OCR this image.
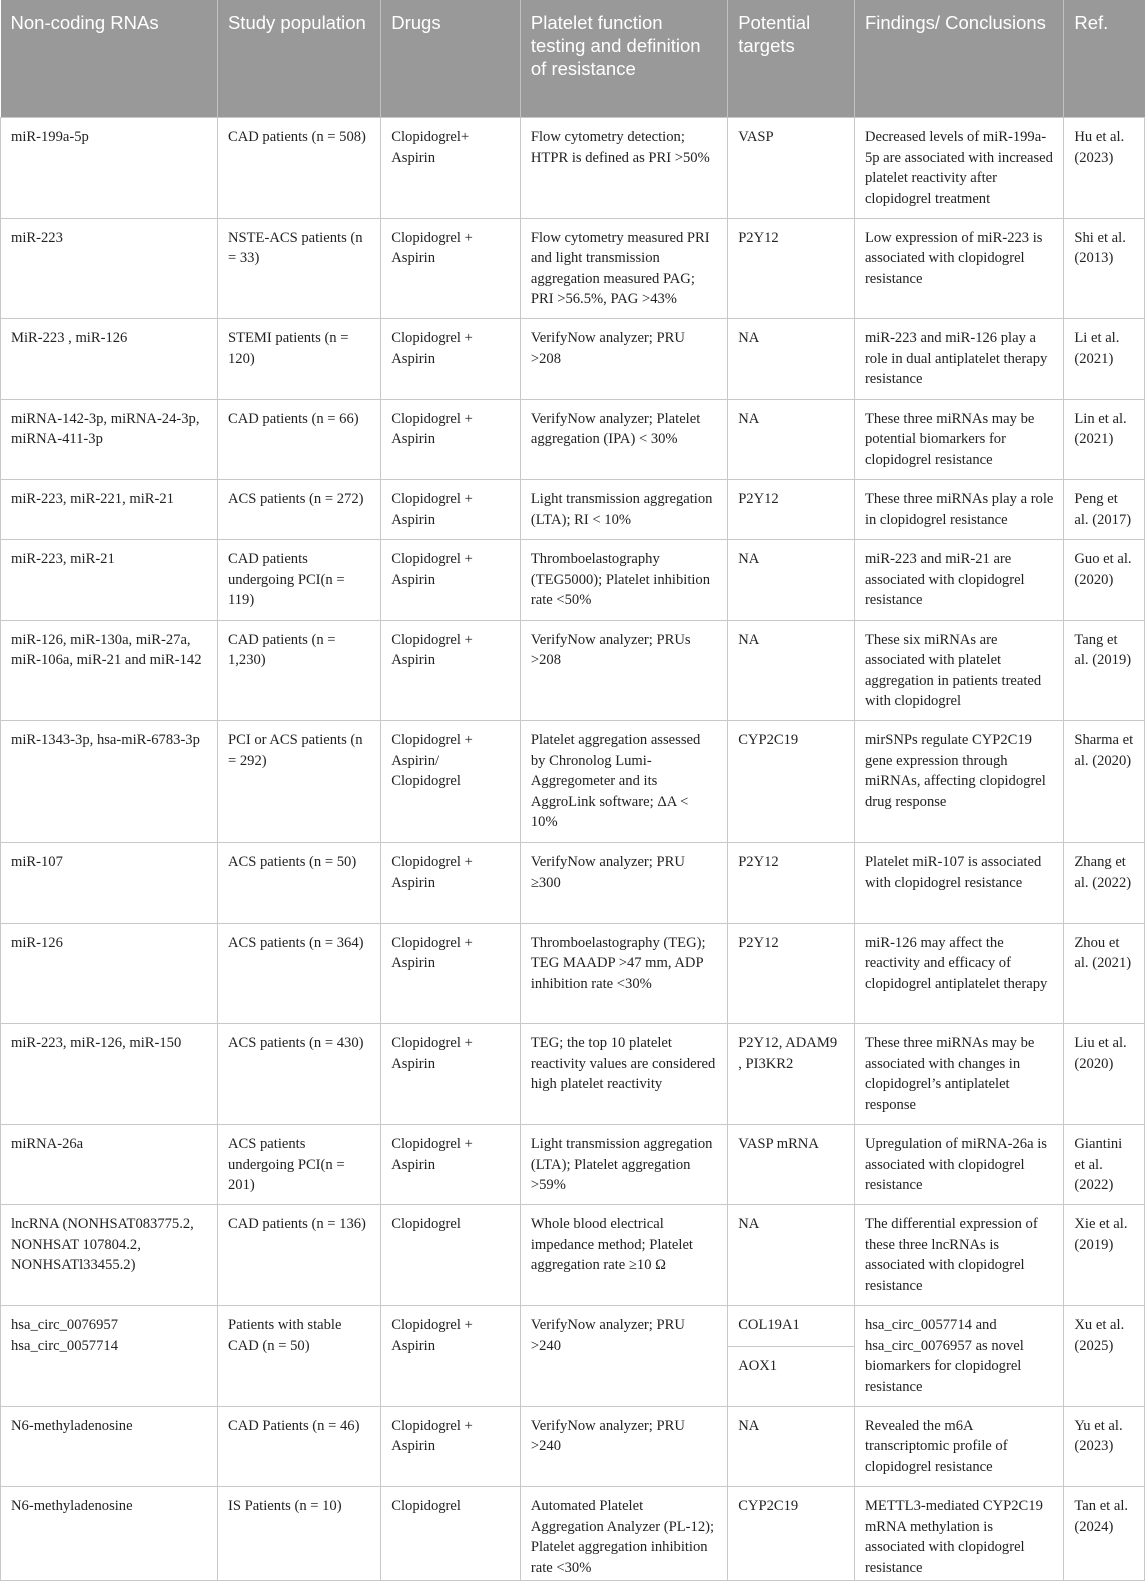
Non-coding RNAs	Study population	Drugs	Platelet function testing and definition of resistance	Potential targets	Findings/ Conclusions	Ref.
miR-199a-5p	CAD patients (n = 508)	Clopidogrel+ Aspirin	Flow cytometry detection; HTPR is defined as PRI >50%	VASP	Decreased levels of miR-199a-5p are associated with increased platelet reactivity after clopidogrel treatment	Hu et al. (2023)
miR-223	NSTE-ACS patients (n = 33)	Clopidogrel + Aspirin	Flow cytometry measured PRI and light transmission aggregation measured PAG; PRI >56.5%, PAG >43%	P2Y12	Low expression of miR-223 is associated with clopidogrel resistance	Shi et al. (2013)
MiR-223 , miR-126	STEMI patients (n = 120)	Clopidogrel + Aspirin	VerifyNow analyzer; PRU >208	NA	miR-223 and miR-126 play a role in dual antiplatelet therapy resistance	Li et al. (2021)
miRNA-142-3p, miRNA-24-3p, miRNA-411-3p	CAD patients (n = 66)	Clopidogrel + Aspirin	VerifyNow analyzer; Platelet aggregation (IPA) < 30%	NA	These three miRNAs may be potential biomarkers for clopidogrel resistance	Lin et al. (2021)
miR-223, miR-221, miR-21	ACS patients (n = 272)	Clopidogrel + Aspirin	Light transmission aggregation (LTA); RI < 10%	P2Y12	These three miRNAs play a role in clopidogrel resistance	Peng et al. (2017)
miR-223, miR-21	CAD patients undergoing PCI(n = 119)	Clopidogrel + Aspirin	Thromboelastography (TEG5000); Platelet inhibition rate <50%	NA	miR-223 and miR-21 are associated with clopidogrel resistance	Guo et al. (2020)
miR-126, miR-130a, miR-27a, miR-106a, miR-21 and miR-142	CAD patients (n = 1,230)	Clopidogrel + Aspirin	VerifyNow analyzer; PRUs >208	NA	These six miRNAs are associated with platelet aggregation in patients treated with clopidogrel	Tang et al. (2019)
miR-1343-3p, hsa-miR-6783-3p	PCI or ACS patients (n = 292)	Clopidogrel + Aspirin/ Clopidogrel	Platelet aggregation assessed by Chronolog Lumi-Aggregometer and its AggroLink software; ΔA < 10%	CYP2C19	mirSNPs regulate CYP2C19 gene expression through miRNAs, affecting clopidogrel drug response	Sharma et al. (2020)
miR-107	ACS patients (n = 50)	Clopidogrel + Aspirin	VerifyNow analyzer; PRU ≥300	P2Y12	Platelet miR-107 is associated with clopidogrel resistance	Zhang et al. (2022)
miR-126	ACS patients (n = 364)	Clopidogrel + Aspirin	Thromboelastography (TEG); TEG MAADP >47 mm, ADP inhibition rate <30%	P2Y12	miR-126 may affect the reactivity and efficacy of clopidogrel antiplatelet therapy	Zhou et al. (2021)
miR-223, miR-126, miR-150	ACS patients (n = 430)	Clopidogrel + Aspirin	TEG; the top 10 platelet reactivity values are considered high platelet reactivity	P2Y12, ADAM9 , PI3KR2	These three miRNAs may be associated with changes in clopidogrel’s antiplatelet response	Liu et al. (2020)
miRNA-26a	ACS patients undergoing PCI(n = 201)	Clopidogrel + Aspirin	Light transmission aggregation (LTA); Platelet aggregation >59%	VASP mRNA	Upregulation of miRNA-26a is associated with clopidogrel resistance	Giantini et al. (2022)
lncRNA (NONHSAT083775.2, NONHSAT 107804.2, NONHSATl33455.2)	CAD patients (n = 136)	Clopidogrel	Whole blood electrical impedance method; Platelet aggregation rate ≥10 Ω	NA	The differential expression of these three lncRNAs is associated with clopidogrel resistance	Xie et al. (2019)
hsa_circ_0076957 hsa_circ_0057714	Patients with stable CAD (n = 50)	Clopidogrel + Aspirin	VerifyNow analyzer; PRU >240	COL19A1	hsa_circ_0057714 and hsa_circ_0076957 as novel biomarkers for clopidogrel resistance	Xu et al. (2025)
				AOX1		
N6-methyladenosine	CAD Patients (n = 46)	Clopidogrel + Aspirin	VerifyNow analyzer; PRU >240	NA	Revealed the m6A transcriptomic profile of clopidogrel resistance	Yu et al. (2023)
N6-methyladenosine	IS Patients (n = 10)	Clopidogrel	Automated Platelet Aggregation Analyzer (PL-12); Platelet aggregation inhibition rate <30%	CYP2C19	METTL3-mediated CYP2C19 mRNA methylation is associated with clopidogrel resistance	Tan et al. (2024)
